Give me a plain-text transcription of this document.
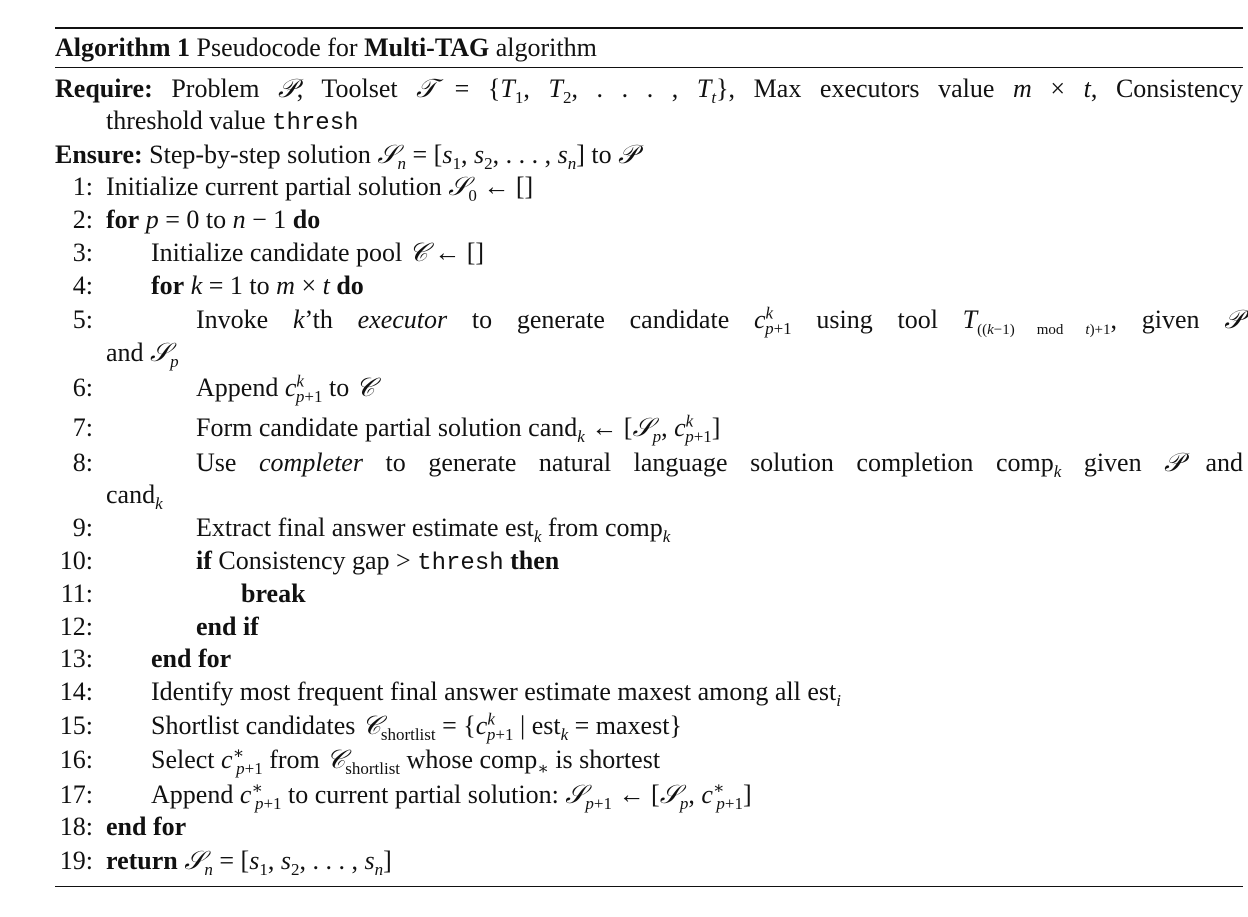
Algorithm 1 Pseudocode for Multi-TAG algorithm
Require: Problem 𝒫, Toolset 𝒯 = {$T_1$, $T_2$, . . . , $T_t$}, Max executors value m × t, Consistency
threshold value thresh
Ensure: Step-by-step solution 𝒮$_n$ = [$s_1$, $s_2$, . . . , $s_n$] to 𝒫
1: Initialize current partial solution 𝒮$_0$ ← []
2: for p = 0 to n − 1 do
3: Initialize candidate pool 𝒞 ← []
4: for k = 1 to m × t do
5:	Invoke k’th executor to generate candidate $c^k_{p+1}$ using tool $T_{((k-1) mod t)+1}$, given 𝒫
and 𝒮$_p$
6:	Append $c^k_{p+1}$ to 𝒞
7:	Form candidate partial solution cand$_k$ ← [𝒮$_p$, $c^k_{p+1}$]
8:	Use completer to generate natural language solution completion comp$_k$ given 𝒫 and
cand$_k$
9:	Extract final answer estimate est$_k$ from comp$_k$
10:	if Consistency gap > thresh then
11:	break
12:	end if
13: end for
14: Identify most frequent final answer estimate maxest among all est$_i$
15: Shortlist candidates 𝒞$_{shortlist}$ = {$c^k_{p+1}$ | est$_k$ = maxest}
16: Select $c^∗_{p+1}$ from 𝒞$_{shortlist}$ whose comp$_∗$ is shortest
17: Append $c^∗_{p+1}$ to current partial solution: 𝒮$_{p+1}$ ← [𝒮$_p$, $c^∗_{p+1}$]
18: end for
19: return 𝒮$_n$ = [$s_1$, $s_2$, . . . , $s_n$]
